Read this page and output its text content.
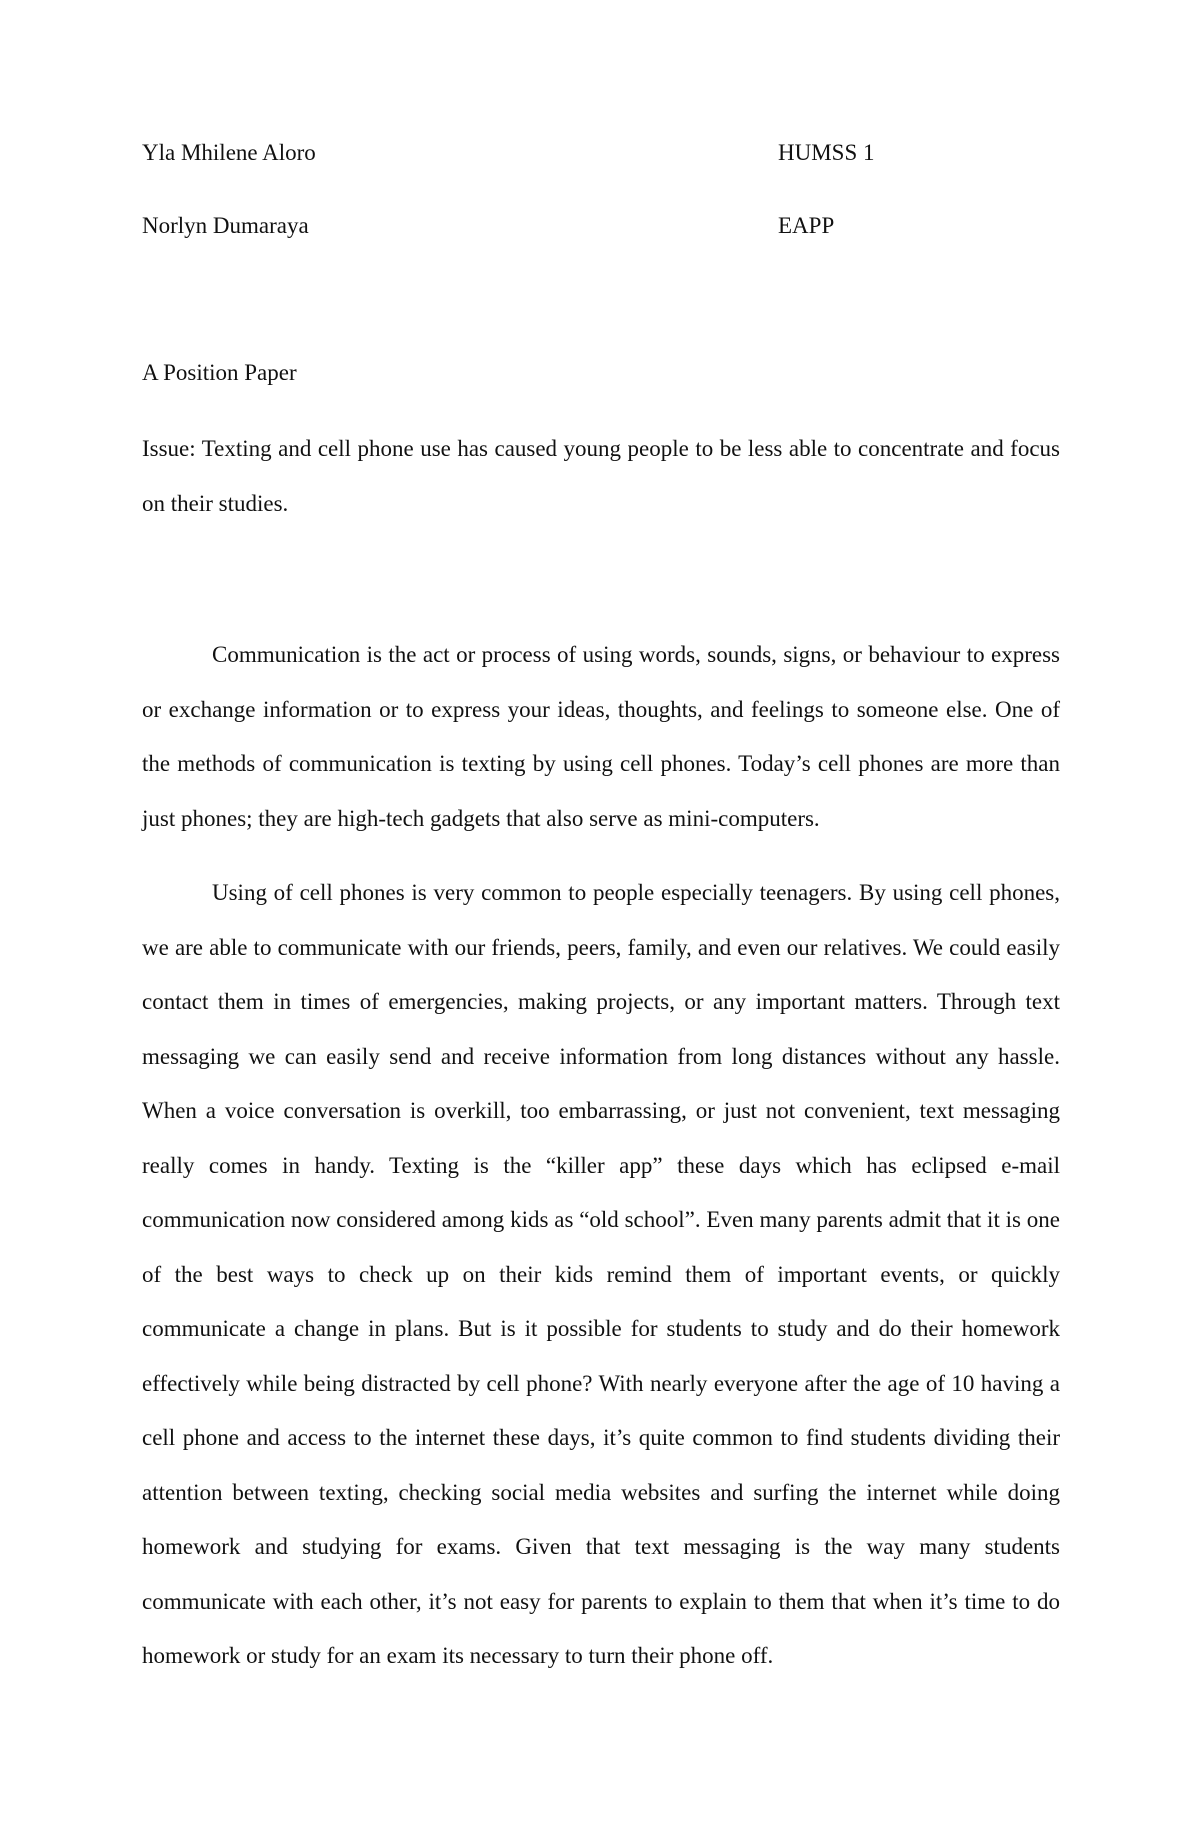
Yla Mhilene Aloro	HUMSS 1
Norlyn Dumaraya	EAPP
A Position Paper

Issue: Texting and cell phone use has caused young people to be less able to concentrate and focus on their studies.

Communication is the act or process of using words, sounds, signs, or behaviour to express or exchange information or to express your ideas, thoughts, and feelings to someone else. One of the methods of communication is texting by using cell phones. Today’s cell phones are more than just phones; they are high-tech gadgets that also serve as mini-computers.

Using of cell phones is very common to people especially teenagers. By using cell phones, we are able to communicate with our friends, peers, family, and even our relatives. We could easily contact them in times of emergencies, making projects, or any important matters. Through text messaging we can easily send and receive information from long distances without any hassle. When a voice conversation is overkill, too embarrassing, or just not convenient, text messaging really comes in handy. Texting is the “killer app” these days which has eclipsed e-mail communication now considered among kids as “old school”. Even many parents admit that it is one of the best ways to check up on their kids remind them of important events, or quickly communicate a change in plans. But is it possible for students to study and do their homework effectively while being distracted by cell phone? With nearly everyone after the age of 10 having a cell phone and access to the internet these days, it’s quite common to find students dividing their attention between texting, checking social media websites and surfing the internet while doing homework and studying for exams. Given that text messaging is the way many students communicate with each other, it’s not easy for parents to explain to them that when it’s time to do homework or study for an exam its necessary to turn their phone off.
